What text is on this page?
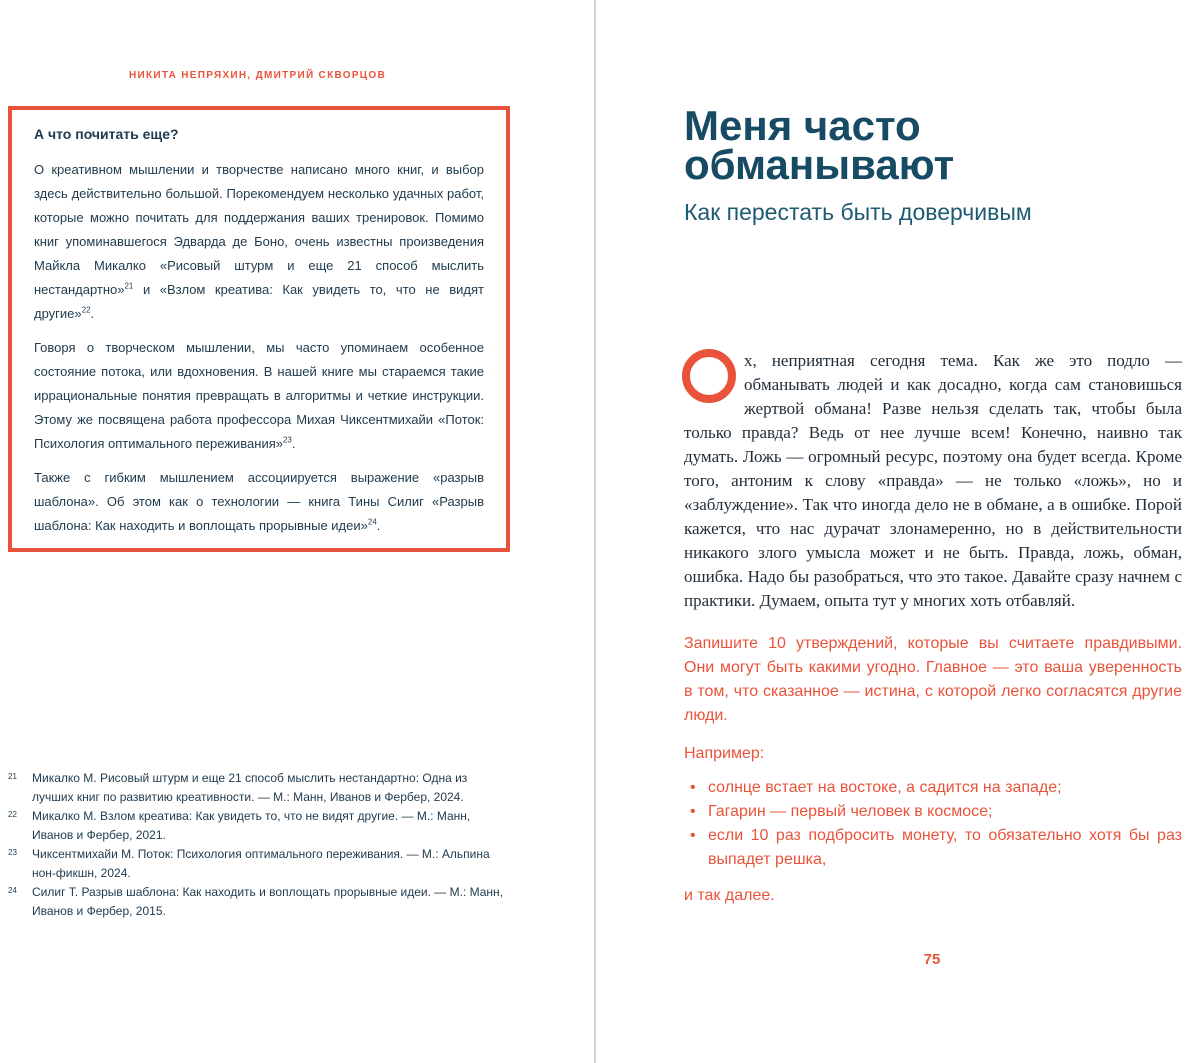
НИКИТА НЕПРЯХИН, ДМИТРИЙ СКВОРЦОВ
А что почитать еще?

О креативном мышлении и творчестве написано много книг, и выбор здесь действительно большой. Порекомендуем несколько удачных работ, которые можно почитать для поддержания ваших тренировок. Помимо книг упоминавшегося Эдварда де Боно, очень известны произведения Майкла Микалко «Рисовый штурм и еще 21 способ мыслить нестандартно»$^{21}$ и «Взлом креатива: Как увидеть то, что не видят другие»$^{22}$.

Говоря о творческом мышлении, мы часто упоминаем особенное состояние потока, или вдохновения. В нашей книге мы стараемся такие иррациональные понятия превращать в алгоритмы и четкие инструкции. Этому же посвящена работа профессора Михая Чиксентмихайи «Поток: Психология оптимального переживания»$^{23}$.

Также с гибким мышлением ассоциируется выражение «разрыв шаблона». Об этом как о технологии — книга Тины Силиг «Разрыв шаблона: Как находить и воплощать прорывные идеи»$^{24}$.

21 Микалко М. Рисовый штурм и еще 21 способ мыслить нестандартно: Одна из лучших книг по развитию креативности. — М.: Манн, Иванов и Фербер, 2024.
22 Микалко М. Взлом креатива: Как увидеть то, что не видят другие. — М.: Манн, Иванов и Фербер, 2021.
23 Чиксентмихайи М. Поток: Психология оптимального переживания. — М.: Альпина нон-фикшн, 2024.
24 Силиг Т. Разрыв шаблона: Как находить и воплощать прорывные идеи. — М.: Манн, Иванов и Фербер, 2015.
Меня часто
обманывают
Как перестать быть доверчивым

х, неприятная сегодня тема. Как же это подло — обманывать людей и как досадно, когда сам становишься жертвой обмана! Разве нельзя сделать так, чтобы была только правда? Ведь от нее лучше всем! Конечно, наивно так думать. Ложь — огромный ресурс, поэтому она будет всегда. Кроме того, антоним к слову «правда» — не только «ложь», но и «заблуждение». Так что иногда дело не в обмане, а в ошибке. Порой кажется, что нас дурачат злонамеренно, но в действительности никакого злого умысла может и не быть. Правда, ложь, обман, ошибка. Надо бы разобраться, что это такое. Давайте сразу начнем с практики. Думаем, опыта тут у многих хоть отбавляй.

Запишите 10 утверждений, которые вы считаете правдивыми. Они могут быть какими угодно. Главное — это ваша уверенность в том, что сказанное — истина, с которой легко согласятся другие люди.

Например:

• солнце встает на востоке, а садится на западе;
• Гагарин — первый человек в космосе;
• если 10 раз подбросить монету, то обязательно хотя бы раз выпадет решка,

и так далее.

75
